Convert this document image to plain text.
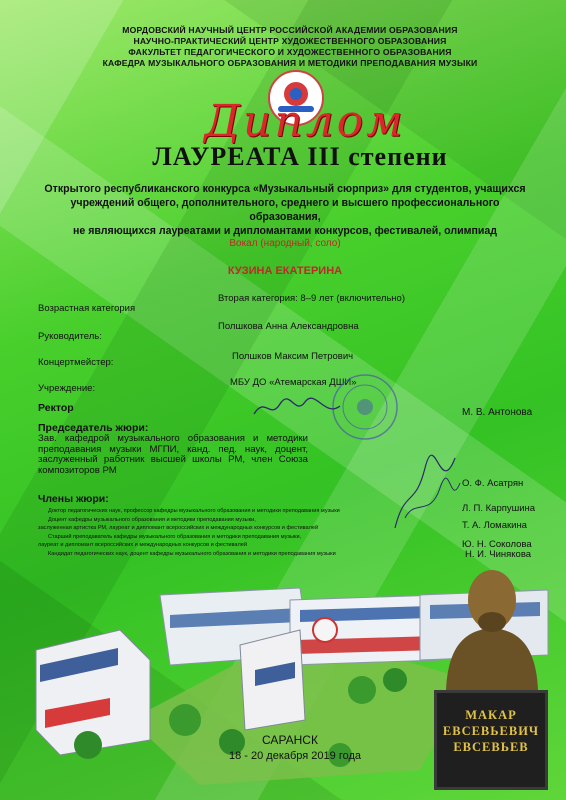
МОРДОВСКИЙ НАУЧНЫЙ ЦЕНТР РОССИЙСКОЙ АКАДЕМИИ ОБРАЗОВАНИЯ
НАУЧНО-ПРАКТИЧЕСКИЙ ЦЕНТР ХУДОЖЕСТВЕННОГО ОБРАЗОВАНИЯ
ФАКУЛЬТЕТ ПЕДАГОГИЧЕСКОГО И ХУДОЖЕСТВЕННОГО ОБРАЗОВАНИЯ
КАФЕДРА МУЗЫКАЛЬНОГО ОБРАЗОВАНИЯ И МЕТОДИКИ ПРЕПОДАВАНИЯ МУЗЫКИ
Диплом
ЛАУРЕАТА III степени
Открытого республиканского конкурса «Музыкальный сюрприз» для студентов, учащихся
учреждений общего, дополнительного, среднего и высшего профессионального образования,
не являющихся лауреатами и дипломантами конкурсов, фестивалей, олимпиад
Вокал (народный, соло)
КУЗИНА ЕКАТЕРИНА
Возрастная категория
Вторая категория: 8–9 лет (включительно)
Руководитель:
Полшкова Анна Александровна
Концертмейстер:
Полшков Максим Петрович
Учреждение:
МБУ ДО «Атемарская ДШИ»
Ректор	М. В. Антонова
Председатель жюри:
Зав. кафедрой музыкального образования и методики преподавания музыки МГПИ, канд. пед. наук, доцент, заслуженный работник высшей школы РМ, член Союза композиторов РМ
О. Ф. Асатрян
Члены жюри:
Доктор педагогических наук, профессор кафедры музыкального образования и методики преподавания музыки
Доцент кафедры музыкального образования и методики преподавания музыки,
заслуженная артистка РМ, лауреат и дипломант всероссийских и международных конкурсов и фестивалей
Старший преподаватель кафедры музыкального образования и методики преподавания музыки,
лауреат и дипломант всероссийских и международных конкурсов и фестивалей
Кандидат педагогических наук, доцент кафедры музыкального образования и методики преподавания музыки
Л. П. Карпушина
Т. А. Ломакина
Ю. Н. Соколова
Н. И. Чинякова
МАКАР
ЕВСЕВЬЕВИЧ
ЕВСЕВЬЕВ
САРАНСК
18 - 20 декабря 2019 года
